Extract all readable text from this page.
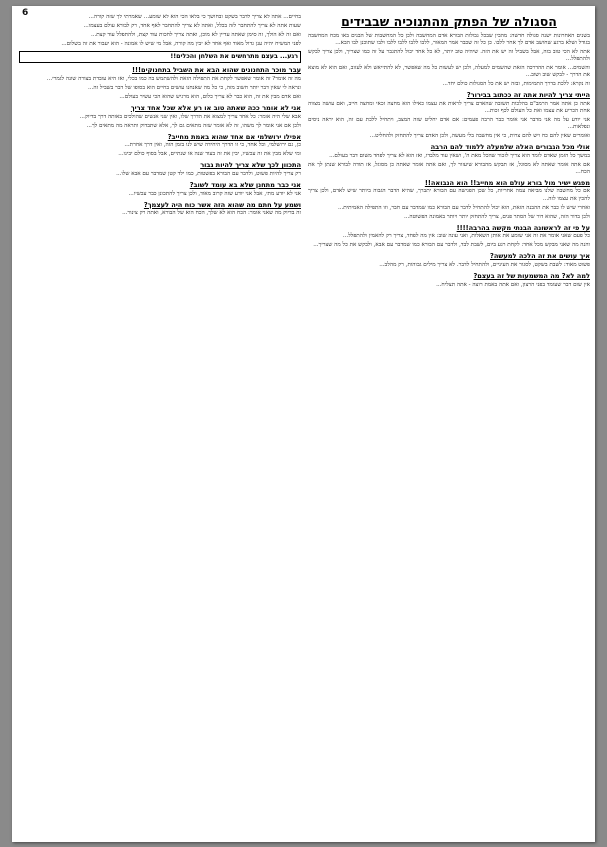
6
הסגולה של הפתק מהתנוכיה שבבידים

בשנים האחרונות ישנה סגולה חדשה: מהבין שבכל גבולות הבורא אדם המחשבה ולכן כל המחשבות של הבנים באו מכח המחשבה בגודל ושלא ברגע שחושב אדם לך אחר ללבו. כן כל זה שכבר אמר המאור, ללבו ללבו ללבו ללבו ולבו שתוכנן לבו הבא...

אתה לא הכי טוב בזה, אבל בשביל זה יש את הזה. שיהיה טוב יותר, לא כל אחד יכול להתגבר על זה כמו שצריך, ולכן צריך לבקש ולהתפלל...

והשמים... אומר את ההדרכה הזאת שהשמים למעלה, ולכן יש לעשות כל מה שאפשר, לא להתייאש ולא לעזוב, ואם הוא לא מוצא את הדרך - לבקש שוב ושוב...

זה נקרא: ללכת בדרך התמימות, ובזה יש את כל הסגולות כולם יחד...

הייתי צריך להיות אתה זה ככתוב בבירור?

אתה כן אתה אמר הרמב"ם בהלכות תשובה שהאדם צריך לראות את עצמו כאילו הוא מחצה זכאי ומחצה חייב, ואם עושה מצווה אחת הכריע את עצמו ואת כל העולם לכף זכות...

אני יודע על מה אני מדבר אני אומר כבר הרבה פעמים: אם אדם יחליט שזה המצב, ויתחיל ללכת עם זה, הוא יראה ניסים ונפלאות...

ואומרים שאין להם כח ויש להם צרות, כי אין מחשבה בלי מעשה, ולכן האדם צריך להתחזק ולהחליט...

אולי מכל הגבורים האלה שלמעלה ללמוד להם הרבה

במשך כל הזמן שאדם לומד הוא צריך לזכור שהכל מאת ה', ושאין עוד מלבדו, ואז הוא לא צריך לפחד משום דבר בעולם...

אם אתה אומר שאתה לא מסוגל, אז תבקש מהבורא שיעזור לך, ואם אתה אומר שאתה כן מסוגל, אז תודה לבורא שנתן לך את הכח...

מפגש ישיר מול בורא עולם הוא מחייב!! הוא הנבואה!!

אם כל מחשבה שלנו מביאה עמה אחריות, כל שכן הפגישה עם הבורא יתברך, שהיא הדבר הגבוה ביותר שיש לאדם, ולכן צריך להכין את עצמו לזה...

ואחרי שיש לו כבר את ההבנה הזאת, הוא יכול להתחיל לדבר עם הבורא כמו שמדבר עם חבר, וזו התפילה האמיתית...

ולכן בדור הזה, שהוא דור של הסתר פנים, צריך להתחזק יותר ויותר באמונה הפשוטה...

על פי זה לראשונה הבנתי מקשה בהרבה!!!!

כל פעם שאני אומר את זה אני שומע את אותן השאלות, ואני עונה שוב: אין מה לפחד, צריך רק להאמין ולהתפלל...

והנה מה שאני מבקש מכל אחד: לקחת רגע ביום, לשבת לבד, ולדבר עם הבורא כמו שמדבר עם אבא, ולבקש את כל מה שצריך...

איך עושים את זה הלכה למעשה?

פשוט מאוד: לשבת בשקט, לסגור את העיניים, ולהתחיל לדבר. לא צריך מילים גבוהות, רק מהלב...

למה לא? מה המשמעות של זה בעצם?

אין שום דבר שעומד בפני הרצון, ואם אתה באמת רוצה - אתה תצליח...

בחיים... אתה לא צריך לדבר בשקט ובחושך כי בלאו הכי הוא לא שומע... שאמרתי לך שזה קורה...

שעות אתה לא צריך להתחבר לזה בכלל, ואתה לא צריך להתחבר לאף אחד, רק לבורא עולם בעצמו...

ואם זה לא הולך, זה סימן שאתה עדיין לא מוכן, ואתה צריך לחכות עוד קצת, ולהתפלל עוד קצת...

לפני המשיח יהיה ענן גדול מאוד ואף אחד לא יבין מה קורה, אבל מי שיש לו אמונה - הוא יעבור את זה בשלום...

רגע... בעצם מתרחשים את השלחן והכלים!!
עבר מוכר התחנונים שהוא הבא את השביל בתחנוקים!!!

מה זה אומר? זה אומר שאפשר לקחת את התפילה הזאת ולהשתמש בה כמו בכלי, ואז היא עובדת בצורה שונה לגמרי...

ונראה לי שאין דבר יותר חשוב מזה, כי כל מה שאנחנו עושים בחיים הוא בסופו של דבר בשביל זה...

ואם אדם מבין את זה, הוא כבר לא צריך כלום, הוא מרגיש שהוא הכי עשיר בעולם...

אני לא אומר ככה שאתה טוב או רע אלא שכל אחד צריך

אבא שלי היה אומר: כל אחד צריך למצוא את הדרך שלו, ואין שני אנשים שהולכים באותה דרך בדיוק...

ולכן אם אני אומר לך משהו, זה לא אומר שזה מתאים גם לך, אלא שתבדוק ותראה מה מתאים לך...

אפילו ירושלמי אם אחד שהוא באמת מחייב?

כן, גם ירושלמי, וכל אחד, כי זו הדרך היחידה שיש לנו בזמן הזה, ואין דרך אחרת...

ומי שלא מבין את זה עכשיו, יבין את זה בעוד שנה או שנתיים, אבל בסוף כולם יבינו...

התכוון לכך שלא צריך להיות גבור

רק צריך להיות פשוט, ולדבר עם הבורא בפשטות, כמו ילד קטן שמדבר עם אבא שלו...

אני כבר מתחנן שלא בא עומד לשוב?

אני לא יודע מתי, אבל אני יודע שזה קרוב מאוד, ולכן צריך להתכונן כבר עכשיו...

ושמע על חתם מה שהוא הזה אשר כוח היה לעצמך?

זה בדיוק מה שאני אומר: הכח הוא לא שלך, הכח הוא של הבורא, ואתה רק צינור...
